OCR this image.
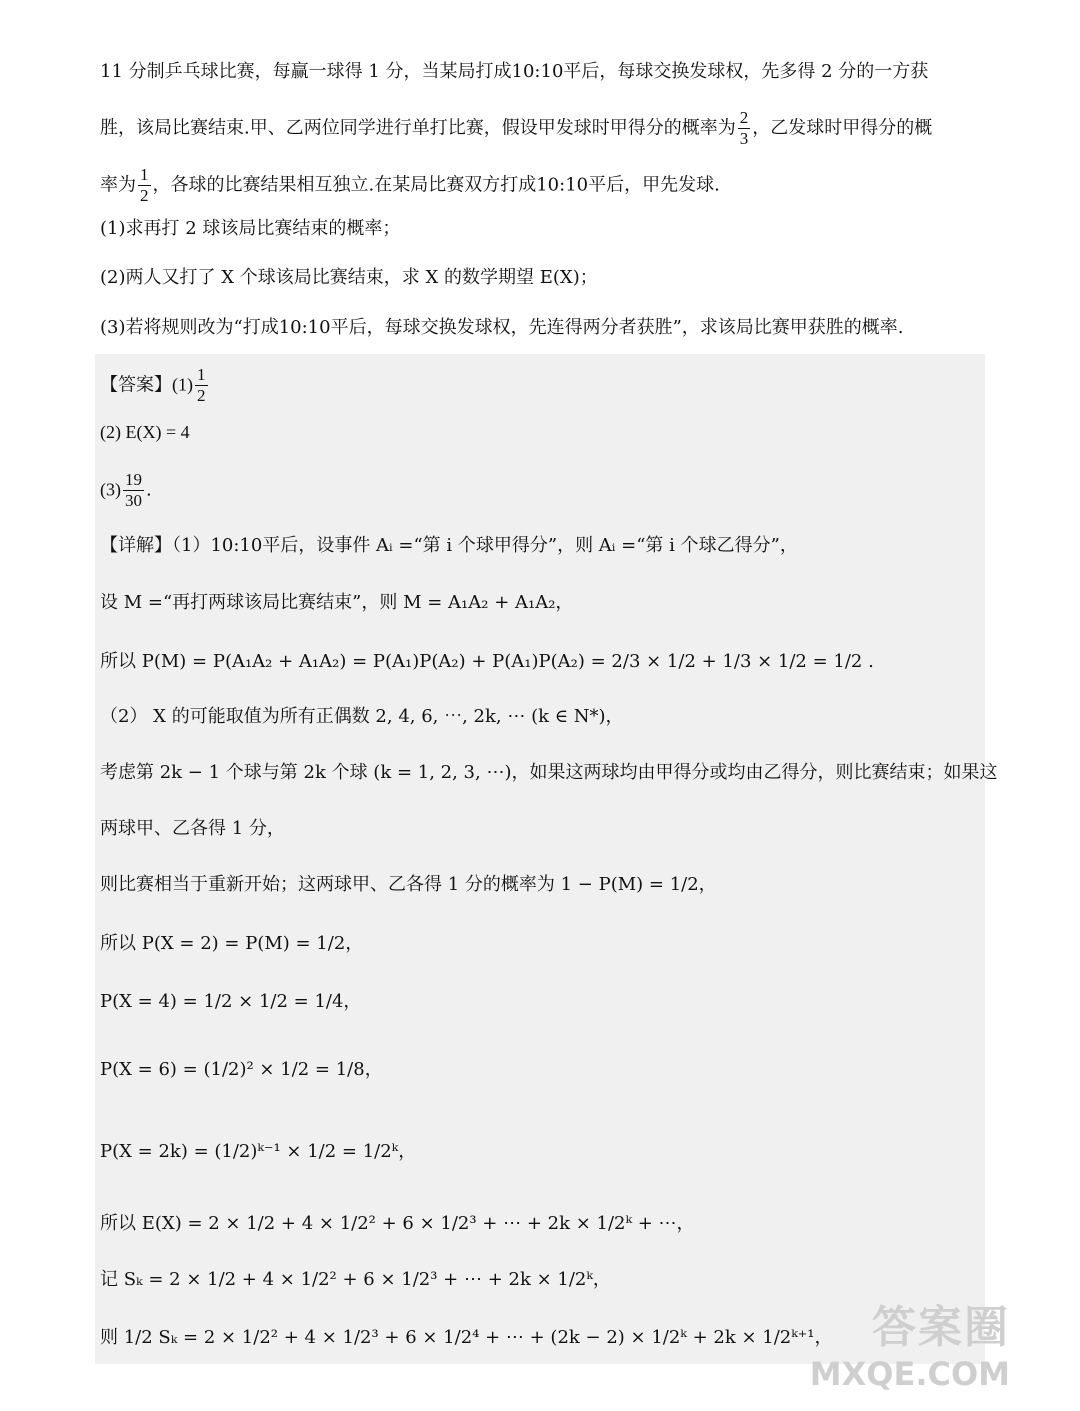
11 分制乒乓球比赛，每赢一球得 1 分，当某局打成10:10平后，每球交换发球权，先多得 2 分的一方获
胜，该局比赛结束.甲、乙两位同学进行单打比赛，假设甲发球时甲得分的概率为 $\frac{2}{3}$ ，乙发球时甲得分的概
率为 $\frac{1}{2}$ ，各球的比赛结果相互独立.在某局比赛双方打成10:10平后，甲先发球.
(1)求再打 2 球该局比赛结束的概率；
(2)两人又打了 X 个球该局比赛结束，求 X 的数学期望 E(X)；
(3)若将规则改为“打成10:10平后，每球交换发球权，先连得两分者获胜”，求该局比赛甲获胜的概率.
【答案】$(1) \frac{1}{2}$
(2) E(X) = 4
$(3) \frac{19}{30}$ .
【详解】（1）10:10平后，设事件 Aᵢ =“第 i 个球甲得分”，则 Aᵢ =“第 i 个球乙得分”，
设 M =“再打两球该局比赛结束”，则 M = A₁A₂ + A₁A₂，
所以 P(M) = P(A₁A₂ + A₁A₂) = P(A₁)P(A₂) + P(A₁)P(A₂) = 2/3 × 1/2 + 1/3 × 1/2 = 1/2 .
（2） X 的可能取值为所有正偶数 2, 4, 6, ⋯, 2k, ⋯ (k ∈ N*)，
考虑第 2k − 1 个球与第 2k 个球 (k = 1, 2, 3, ⋯)，如果这两球均由甲得分或均由乙得分，则比赛结束；如果这
两球甲、乙各得 1 分，
则比赛相当于重新开始；这两球甲、乙各得 1 分的概率为 1 − P(M) = 1/2，
所以 P(X = 2) = P(M) = 1/2，
P(X = 4) = 1/2 × 1/2 = 1/4，
P(X = 6) = (1/2)² × 1/2 = 1/8，
P(X = 2k) = (1/2)ᵏ⁻¹ × 1/2 = 1/2ᵏ，
所以 E(X) = 2 × 1/2 + 4 × 1/2² + 6 × 1/2³ + ⋯ + 2k × 1/2ᵏ + ⋯，
记 Sₖ = 2 × 1/2 + 4 × 1/2² + 6 × 1/2³ + ⋯ + 2k × 1/2ᵏ，
则 1/2 Sₖ = 2 × 1/2² + 4 × 1/2³ + 6 × 1/2⁴ + ⋯ + (2k − 2) × 1/2ᵏ + 2k × 1/2ᵏ⁺¹， 答案圈
MXQE.COM
